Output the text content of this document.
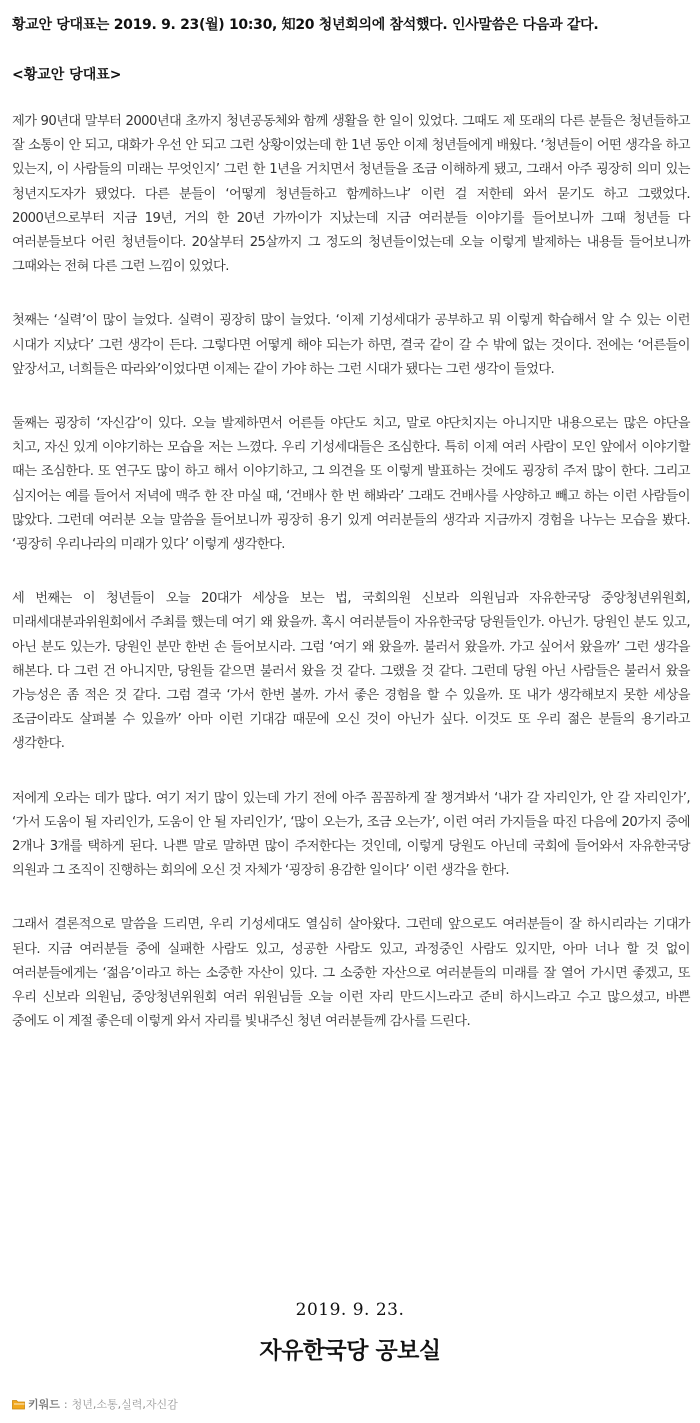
황교안 당대표는 2019. 9. 23(월) 10:30, 知20 청년회의에 참석했다. 인사말씀은 다음과 같다.
<황교안 당대표>

제가 90년대 말부터 2000년대 초까지 청년공동체와 함께 생활을 한 일이 있었다. 그때도 제 또래의 다른 분들은 청년들하고 잘 소통이 안 되고, 대화가 우선 안 되고 그런 상황이었는데 한 1년 동안 이제 청년들에게 배웠다. ‘청년들이 어떤 생각을 하고 있는지, 이 사람들의 미래는 무엇인지’ 그런 한 1년을 거치면서 청년들을 조금 이해하게 됐고, 그래서 아주 굉장히 의미 있는 청년지도자가 됐었다. 다른 분들이 ‘어떻게 청년들하고 함께하느냐’ 이런 걸 저한테 와서 묻기도 하고 그랬었다. 2000년으로부터 지금 19년, 거의 한 20년 가까이가 지났는데 지금 여러분들 이야기를 들어보니까 그때 청년들 다 여러분들보다 어린 청년들이다. 20살부터 25살까지 그 정도의 청년들이었는데 오늘 이렇게 발제하는 내용들 들어보니까 그때와는 전혀 다른 그런 느낌이 있었다.

첫째는 ‘실력’이 많이 늘었다. 실력이 굉장히 많이 늘었다. ‘이제 기성세대가 공부하고 뭐 이렇게 학습해서 알 수 있는 이런 시대가 지났다’ 그런 생각이 든다. 그렇다면 어떻게 해야 되는가 하면, 결국 같이 갈 수 밖에 없는 것이다. 전에는 ‘어른들이 앞장서고, 너희들은 따라와’이었다면 이제는 같이 가야 하는 그런 시대가 됐다는 그런 생각이 들었다.

둘째는 굉장히 ‘자신감’이 있다. 오늘 발제하면서 어른들 야단도 치고, 말로 야단치지는 아니지만 내용으로는 많은 야단을 치고, 자신 있게 이야기하는 모습을 저는 느꼈다. 우리 기성세대들은 조심한다. 특히 이제 여러 사람이 모인 앞에서 이야기할 때는 조심한다. 또 연구도 많이 하고 해서 이야기하고, 그 의견을 또 이렇게 발표하는 것에도 굉장히 주저 많이 한다. 그리고 심지어는 예를 들어서 저녁에 맥주 한 잔 마실 때, ‘건배사 한 번 해봐라’ 그래도 건배사를 사양하고 빼고 하는 이런 사람들이 많았다. 그런데 여러분 오늘 말씀을 들어보니까 굉장히 용기 있게 여러분들의 생각과 지금까지 경험을 나누는 모습을 봤다. ‘굉장히 우리나라의 미래가 있다’ 이렇게 생각한다.

세 번째는 이 청년들이 오늘 20대가 세상을 보는 법, 국회의원 신보라 의원님과 자유한국당 중앙청년위원회, 미래세대분과위원회에서 주최를 했는데 여기 왜 왔을까. 혹시 여러분들이 자유한국당 당원들인가. 아닌가. 당원인 분도 있고, 아닌 분도 있는가. 당원인 분만 한번 손 들어보시라. 그럼 ‘여기 왜 왔을까. 불러서 왔을까. 가고 싶어서 왔을까’ 그런 생각을 해본다. 다 그런 건 아니지만, 당원들 같으면 불러서 왔을 것 같다. 그랬을 것 같다. 그런데 당원 아닌 사람들은 불러서 왔을 가능성은 좀 적은 것 같다. 그럼 결국 ‘가서 한번 볼까. 가서 좋은 경험을 할 수 있을까. 또 내가 생각해보지 못한 세상을 조금이라도 살펴볼 수 있을까’ 아마 이런 기대감 때문에 오신 것이 아닌가 싶다. 이것도 또 우리 젊은 분들의 용기라고 생각한다.

저에게 오라는 데가 많다. 여기 저기 많이 있는데 가기 전에 아주 꼼꼼하게 잘 챙겨봐서 ‘내가 갈 자리인가, 안 갈 자리인가’, ‘가서 도움이 될 자리인가, 도움이 안 될 자리인가’, ‘많이 오는가, 조금 오는가’, 이런 여러 가지들을 따진 다음에 20가지 중에 2개나 3개를 택하게 된다. 나쁜 말로 말하면 많이 주저한다는 것인데, 이렇게 당원도 아닌데 국회에 들어와서 자유한국당 의원과 그 조직이 진행하는 회의에 오신 것 자체가 ‘굉장히 용감한 일이다’ 이런 생각을 한다.

그래서 결론적으로 말씀을 드리면, 우리 기성세대도 열심히 살아왔다. 그런데 앞으로도 여러분들이 잘 하시리라는 기대가 된다. 지금 여러분들 중에 실패한 사람도 있고, 성공한 사람도 있고, 과정중인 사람도 있지만, 아마 너나 할 것 없이 여러분들에게는 ‘젊음’이라고 하는 소중한 자산이 있다. 그 소중한 자산으로 여러분들의 미래를 잘 열어 가시면 좋겠고, 또 우리 신보라 의원님, 중앙청년위원회 여러 위원님들 오늘 이런 자리 만드시느라고 준비 하시느라고 수고 많으셨고, 바쁜 중에도 이 계절 좋은데 이렇게 와서 자리를 빛내주신 청년 여러분들께 감사를 드린다.

2019. 9. 23.
자유한국당 공보실
키워드 : 청년 , 소통 , 실력 , 자신감
